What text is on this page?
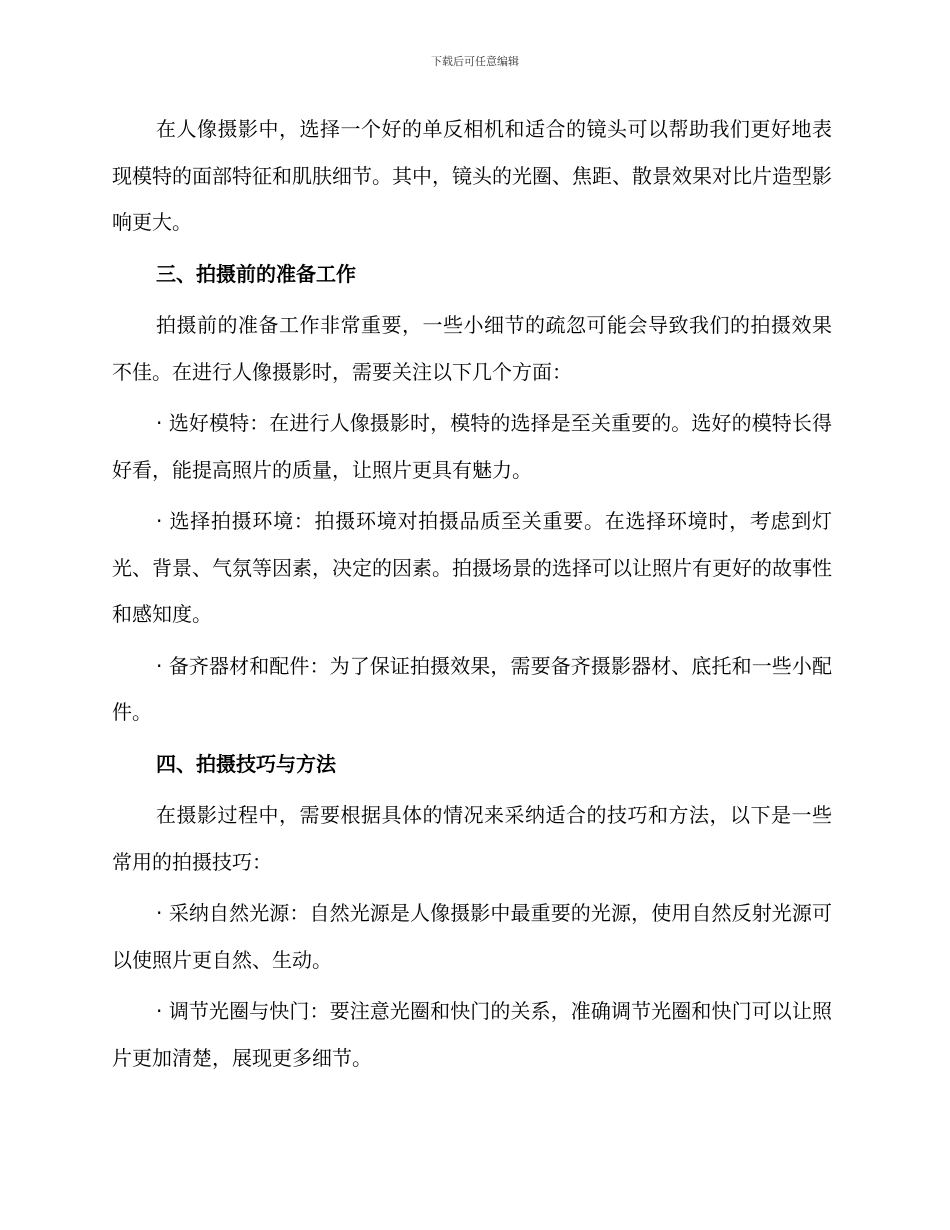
下载后可任意编辑

在人像摄影中，选择一个好的单反相机和适合的镜头可以帮助我们更好地表现模特的面部特征和肌肤细节。其中，镜头的光圈、焦距、散景效果对比片造型影响更大。

三、拍摄前的准备工作

拍摄前的准备工作非常重要，一些小细节的疏忽可能会导致我们的拍摄效果不佳。在进行人像摄影时，需要关注以下几个方面：

· 选好模特：在进行人像摄影时，模特的选择是至关重要的。选好的模特长得好看，能提高照片的质量，让照片更具有魅力。

· 选择拍摄环境：拍摄环境对拍摄品质至关重要。在选择环境时，考虑到灯光、背景、气氛等因素，决定的因素。拍摄场景的选择可以让照片有更好的故事性和感知度。

· 备齐器材和配件：为了保证拍摄效果，需要备齐摄影器材、底托和一些小配件。

四、拍摄技巧与方法

在摄影过程中，需要根据具体的情况来采纳适合的技巧和方法，以下是一些常用的拍摄技巧：

· 采纳自然光源：自然光源是人像摄影中最重要的光源，使用自然反射光源可以使照片更自然、生动。

· 调节光圈与快门：要注意光圈和快门的关系，准确调节光圈和快门可以让照片更加清楚，展现更多细节。
